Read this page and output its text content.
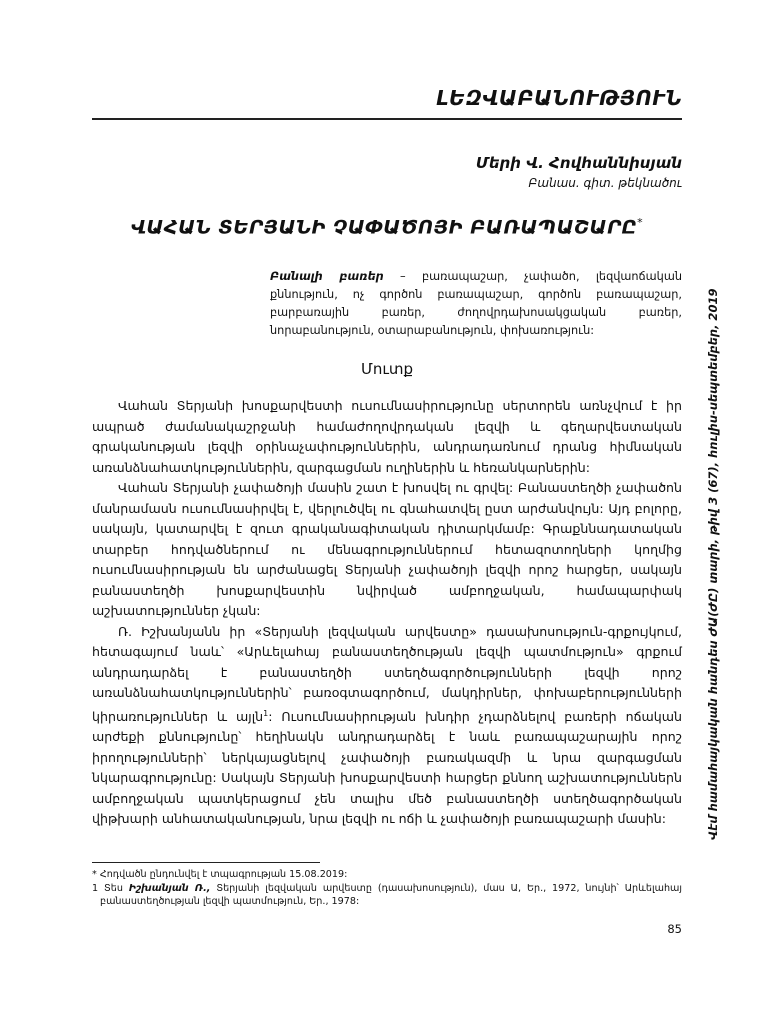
ԼԵԶՎԱԲԱՆՈՒԹՅՈՒՆ
Մերի Վ. Հովհաննիսյան
Բանաս. գիտ. թեկնածու
ՎԱՀԱՆ ՏԵՐՅԱՆԻ ՉԱՓԱԾՈՅԻ ԲԱՌԱՊԱՇԱՐԸ*
Բանալի բառեր – բառապաշար, չափածո, լեզվաոճական քննություն, ոչ գործոն բառապաշար, գործոն բառապաշար, բարբառային բառեր, ժողովրդախոսակցական բառեր, նորաբանություն, օտարաբանություն, փոխառություն:
Մուտք

Վահան Տերյանի խոսքարվեստի ուսումնասիրությունը սերտորեն առնչվում է իր ապրած ժամանակաշրջանի համաժողովրդական լեզվի և գեղարվեստական գրականության լեզվի օրինաչափություններին, անդրադառնում դրանց հիմնական առանձնահատկություններին, զարգացման ուղիներին և հեռանկարներին:

Վահան Տերյանի չափածոյի մասին շատ է խոսվել ու գրվել: Բանաստեղծի չափածոն մանրամասն ուսումնասիրվել է, վերլուծվել ու գնահատվել ըստ արժանվույն: Այդ բոլորը, սակայն, կատարվել է զուտ գրականագիտական դիտարկմամբ: Գրաքննադատական տարբեր հոդվածներում ու մենագրություններում հետազոտողների կողմից ուսումնասիրության են արժանացել Տերյանի չափածոյի լեզվի որոշ հարցեր, սակայն բանաստեղծի խոսքարվեստին նվիրված ամբողջական, համապարփակ աշխատություններ չկան:

Ռ. Իշխանյանն իր «Տերյանի լեզվական արվեստը» դասախոսություն-գրքույկում, հետագայում նաև՝ «Արևելահայ բանաստեղծության լեզվի պատմություն» գրքում անդրադարձել է բանաստեղծի ստեղծագործությունների լեզվի որոշ առանձնահատկություններին՝ բառօգտագործում, մակդիրներ, փոխաբերությունների կիրառություններ և այլն$^1$: Ուսումնասիրության խնդիր չդարձնելով բառերի ոճական արժեքի քննությունը՝ հեղինակն անդրադարձել է նաև բառապաշարային որոշ իրողությունների՝ ներկայացնելով չափածոյի բառակազմի և նրա զարգացման նկարագրությունը: Սակայն Տերյանի խոսքարվեստի հարցեր քննող աշխատություններն ամբողջական պատկերացում չեն տալիս մեծ բանաստեղծի ստեղծագործական վիթխարի անհատականության, նրա լեզվի ու ոճի և չափածոյի բառապաշարի մասին:

* Հոդվածն ընդունվել է տպագրության 15.08.2019:

1 Տես Իշխանյան Ռ., Տերյանի լեզվական արվեստը (դասախոսություն), մաս Ա, Եր., 1972, նույնի՝ Արևելահայ բանաստեղծության լեզվի պատմություն, Եր., 1978:

Վէմ համահայկական հանդես ԺԱ(ԺԸ) տարի, թիվ 3 (67), հուլիս-սեպտեմբեր, 2019
85
